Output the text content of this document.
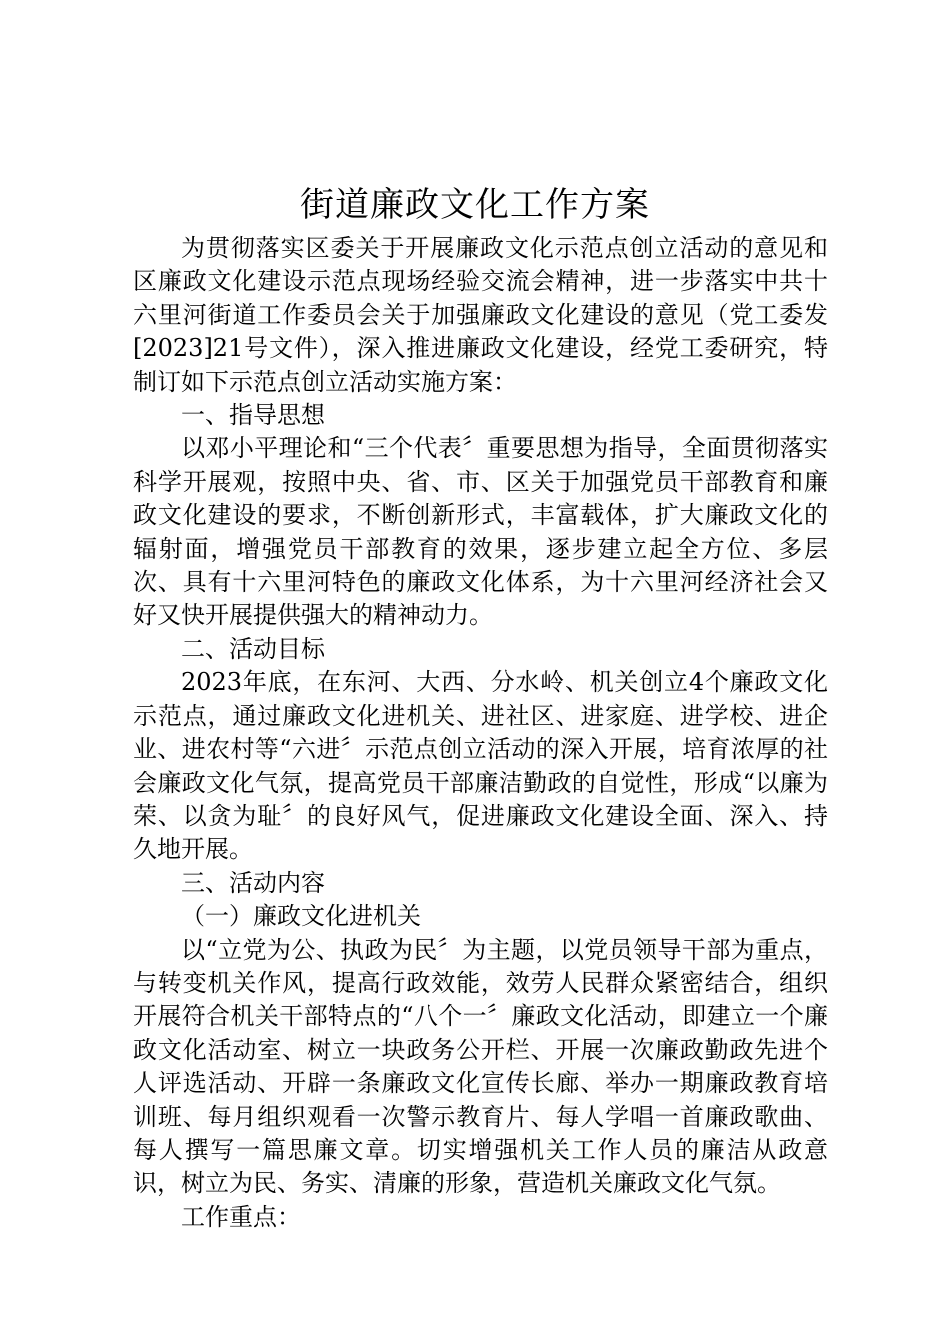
街道廉政文化工作方案

为贯彻落实区委关于开展廉政文化示范点创立活动的意见和区廉政文化建设示范点现场经验交流会精神，进一步落实中共十六里河街道工作委员会关于加强廉政文化建设的意见（党工委发[2023]21号文件），深入推进廉政文化建设，经党工委研究，特制订如下示范点创立活动实施方案：

一、指导思想

以邓小平理论和“三个代表〞重要思想为指导，全面贯彻落实科学开展观，按照中央、省、市、区关于加强党员干部教育和廉政文化建设的要求，不断创新形式，丰富载体，扩大廉政文化的辐射面，增强党员干部教育的效果，逐步建立起全方位、多层次、具有十六里河特色的廉政文化体系，为十六里河经济社会又好又快开展提供强大的精神动力。

二、活动目标

2023年底，在东河、大西、分水岭、机关创立4个廉政文化示范点，通过廉政文化进机关、进社区、进家庭、进学校、进企业、进农村等“六进〞示范点创立活动的深入开展，培育浓厚的社会廉政文化气氛，提高党员干部廉洁勤政的自觉性，形成“以廉为荣、以贪为耻〞的良好风气，促进廉政文化建设全面、深入、持久地开展。

三、活动内容

（一）廉政文化进机关

以“立党为公、执政为民〞为主题，以党员领导干部为重点，与转变机关作风，提高行政效能，效劳人民群众紧密结合，组织开展符合机关干部特点的“八个一〞廉政文化活动，即建立一个廉政文化活动室、树立一块政务公开栏、开展一次廉政勤政先进个人评选活动、开辟一条廉政文化宣传长廊、举办一期廉政教育培训班、每月组织观看一次警示教育片、每人学唱一首廉政歌曲、每人撰写一篇思廉文章。切实增强机关工作人员的廉洁从政意识，树立为民、务实、清廉的形象，营造机关廉政文化气氛。

工作重点：
